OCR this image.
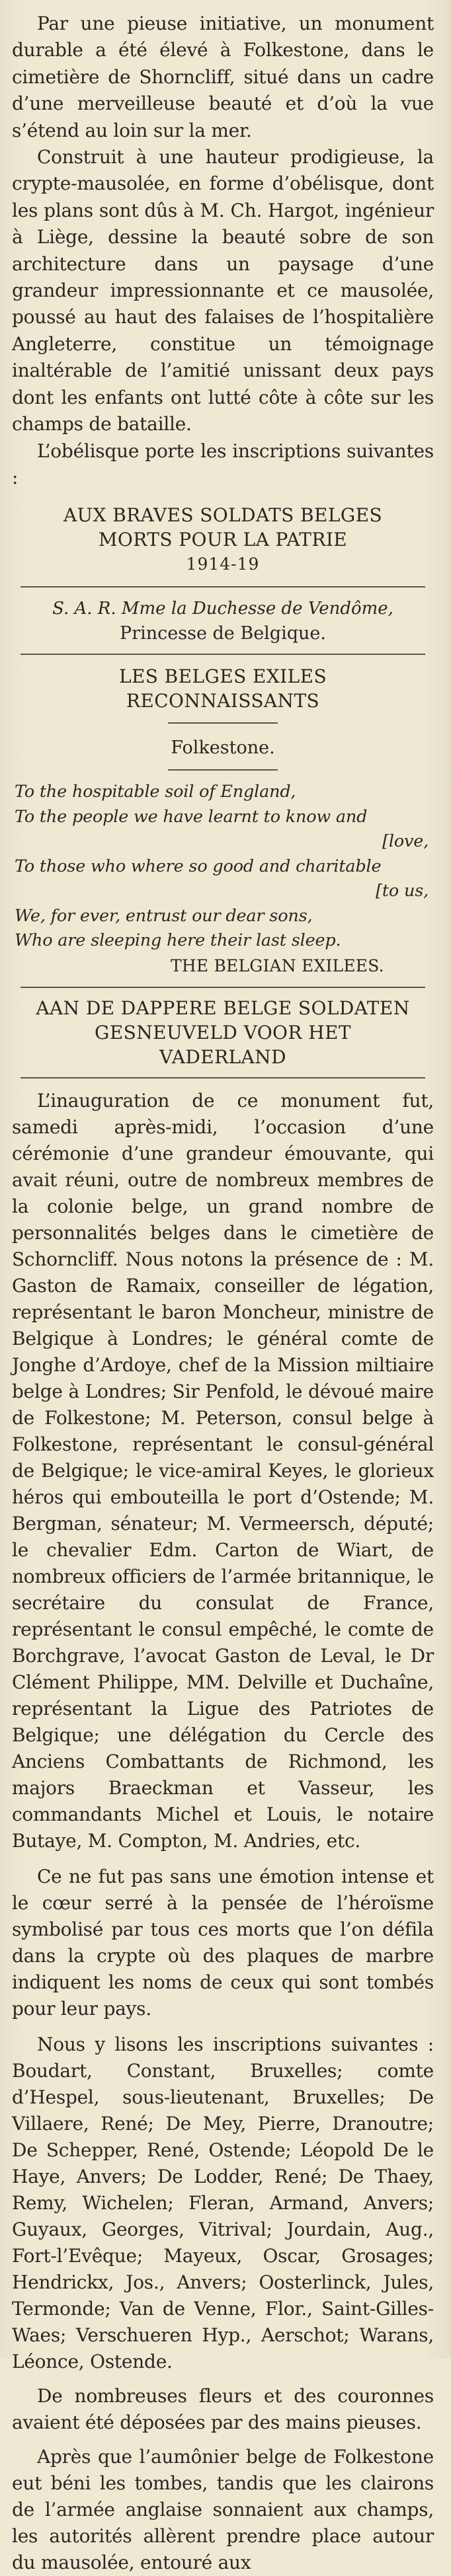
Par une pieuse initiative, un monument durable a été élevé à Folkestone, dans le cimetière de Shorncliff, situé dans un cadre d’une merveilleuse beauté et d’où la vue s’étend au loin sur la mer.

Construit à une hauteur prodigieuse, la crypte-mausolée, en forme d’obélisque, dont les plans sont dûs à M. Ch. Hargot, ingénieur à Liège, dessine la beauté sobre de son architecture dans un paysage d’une grandeur impressionnante et ce mausolée, poussé au haut des falaises de l’hospitalière Angleterre, constitue un témoignage inaltérable de l’amitié unissant deux pays dont les enfants ont lutté côte à côte sur les champs de bataille.

L’obélisque porte les inscriptions suivantes :

AUX BRAVES SOLDATS BELGES
MORTS POUR LA PATRIE
1914-19
S. A. R. Mme la Duchesse de Vendôme,
Princesse de Belgique.
LES BELGES EXILES
RECONNAISSANTS
Folkestone.
To the hospitable soil of England,
To the people we have learnt to know and
[love,
To those who where so good and charitable
[to us,
We, for ever, entrust our dear sons,
Who are sleeping here their last sleep.
THE BELGIAN EXILEES.
AAN DE DAPPERE BELGE SOLDATEN
GESNEUVELD VOOR HET
VADERLAND

L’inauguration de ce monument fut, samedi après-midi, l’occasion d’une cérémonie d’une grandeur émouvante, qui avait réuni, outre de nombreux membres de la colonie belge, un grand nombre de personnalités belges dans le cimetière de Schorncliff. Nous notons la présence de : M. Gaston de Ramaix, conseiller de légation, représentant le baron Moncheur, ministre de Belgique à Londres; le général comte de Jonghe d’Ardoye, chef de la Mission miltiaire belge à Londres; Sir Penfold, le dévoué maire de Folkestone; M. Peterson, consul belge à Folkestone, représentant le consul-général de Belgique; le vice-amiral Keyes, le glorieux héros qui embouteilla le port d’Ostende; M. Bergman, sénateur; M. Vermeersch, député; le chevalier Edm. Carton de Wiart, de nombreux officiers de l’armée britannique, le secrétaire du consulat de France, représentant le consul empêché, le comte de Borchgrave, l’avocat Gaston de Leval, le Dr Clément Philippe, MM. Delville et Duchaîne, représentant la Ligue des Patriotes de Belgique; une délégation du Cercle des Anciens Combattants de Richmond, les majors Braeckman et Vasseur, les commandants Michel et Louis, le notaire Butaye, M. Compton, M. Andries, etc.

Ce ne fut pas sans une émotion intense et le cœur serré à la pensée de l’héroïsme symbolisé par tous ces morts que l’on défila dans la crypte où des plaques de marbre indiquent les noms de ceux qui sont tombés pour leur pays.

Nous y lisons les inscriptions suivantes : Boudart, Constant, Bruxelles; comte d’Hespel, sous-lieutenant, Bruxelles; De Villaere, René; De Mey, Pierre, Dranoutre; De Schepper, René, Ostende; Léopold De le Haye, Anvers; De Lodder, René; De Thaey, Remy, Wichelen; Fleran, Armand, Anvers; Guyaux, Georges, Vitrival; Jourdain, Aug., Fort-l’Evêque; Mayeux, Oscar, Grosages; Hendrickx, Jos., Anvers; Oosterlinck, Jules, Termonde; Van de Venne, Flor., Saint-Gilles-Waes; Verschueren Hyp., Aerschot; Warans, Léonce, Ostende.

De nombreuses fleurs et des couronnes avaient été déposées par des mains pieuses.

Après que l’aumônier belge de Folkestone eut béni les tombes, tandis que les clairons de l’armée anglaise sonnaient aux champs, les autorités allèrent prendre place autour du mausolée, entouré aux
